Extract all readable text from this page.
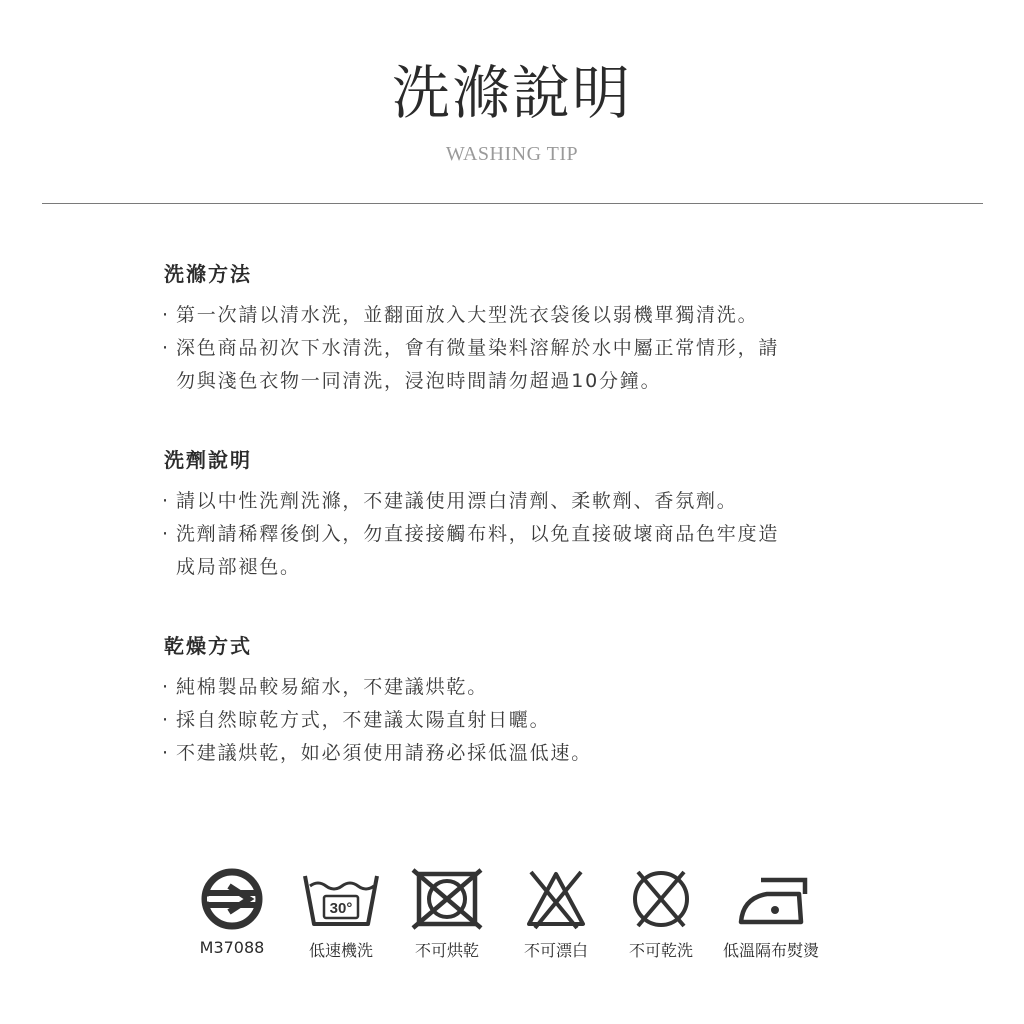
洗滌說明
WASHING TIP
洗滌方法
· 第一次請以清水洗，並翻面放入大型洗衣袋後以弱機單獨清洗。
· 深色商品初次下水清洗，會有微量染料溶解於水中屬正常情形，請
勿與淺色衣物一同清洗，浸泡時間請勿超過10分鐘。
洗劑說明
· 請以中性洗劑洗滌，不建議使用漂白清劑、柔軟劑、香氛劑。
· 洗劑請稀釋後倒入，勿直接接觸布料，以免直接破壞商品色牢度造
成局部褪色。
乾燥方式
· 純棉製品較易縮水，不建議烘乾。
· 採自然晾乾方式，不建議太陽直射日曬。
· 不建議烘乾，如必須使用請務必採低溫低速。
M37088
30°
低速機洗	不可烘乾	不可漂白	不可乾洗	低溫隔布熨燙
